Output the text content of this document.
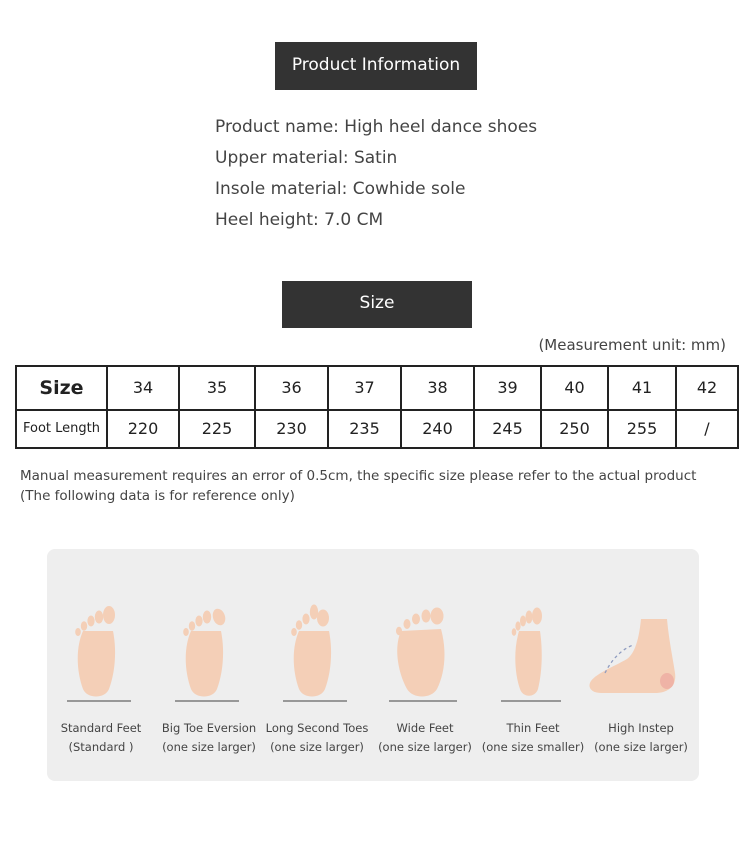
Product Information
Product name: High heel dance shoes
Upper material: Satin
Insole material: Cowhide sole
Heel height: 7.0 CM
Size
(Measurement unit: mm)
Size	34	35	36	37	38	39	40	41	42
Foot Length	220	225	230	235	240	245	250	255	/
Manual measurement requires an error of 0.5cm, the specific size please refer to the actual product (The following data is for reference only)
Standard Feet
(Standard )
Big Toe Eversion
(one size larger)
Long Second Toes
(one size larger)
Wide Feet
(one size larger)
Thin Feet
(one size smaller)
High Instep
(one size larger)
